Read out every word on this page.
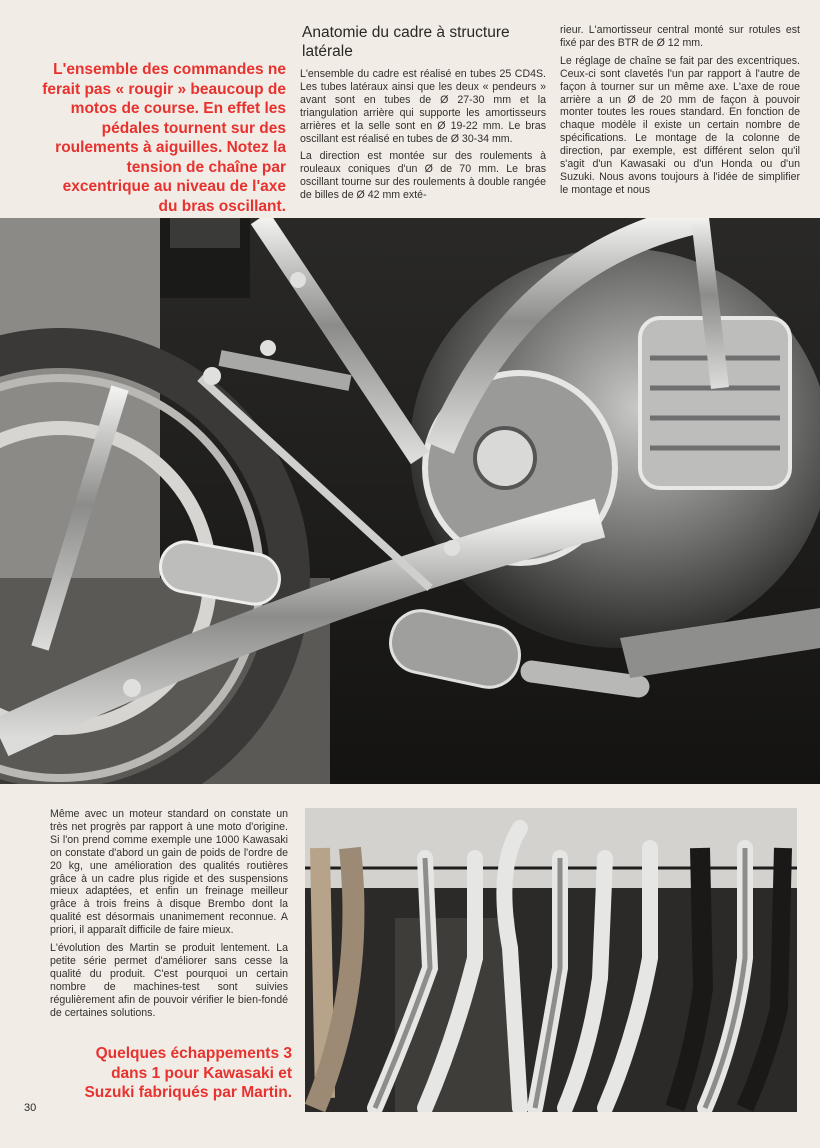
L'ensemble des commandes ne ferait pas « rougir » beaucoup de motos de course. En effet les pédales tournent sur des roulements à aiguilles. Notez la tension de chaîne par excentrique au niveau de l'axe du bras oscillant.
Anatomie du cadre à structure latérale

L'ensemble du cadre est réalisé en tubes 25 CD4S. Les tubes latéraux ainsi que les deux « pendeurs » avant sont en tubes de Ø 27-30 mm et la triangulation arrière qui supporte les amortisseurs arrières et la selle sont en Ø 19-22 mm. Le bras oscillant est réalisé en tubes de Ø 30-34 mm.

La direction est montée sur des roulements à rouleaux coniques d'un Ø de 70 mm. Le bras oscillant tourne sur des roulements à double rangée de billes de Ø 42 mm exté-

rieur. L'amortisseur central monté sur rotules est fixé par des BTR de Ø 12 mm.

Le réglage de chaîne se fait par des excentriques. Ceux-ci sont clavetés l'un par rapport à l'autre de façon à tourner sur un même axe. L'axe de roue arrière a un Ø de 20 mm de façon à pouvoir monter toutes les roues standard. En fonction de chaque modèle il existe un certain nombre de spécifications. Le montage de la colonne de direction, par exemple, est différent selon qu'il s'agit d'un Kawasaki ou d'un Honda ou d'un Suzuki. Nous avons toujours à l'idée de simplifier le montage et nous

Même avec un moteur standard on constate un très net progrès par rapport à une moto d'origine. Si l'on prend comme exemple une 1000 Kawasaki on constate d'abord un gain de poids de l'ordre de 20 kg, une amélioration des qualités routières grâce à un cadre plus rigide et des suspensions mieux adaptées, et enfin un freinage meilleur grâce à trois freins à disque Brembo dont la qualité est désormais unanimement reconnue. A priori, il apparaît difficile de faire mieux.

L'évolution des Martin se produit lentement. La petite série permet d'améliorer sans cesse la qualité du produit. C'est pourquoi un certain nombre de machines-test sont suivies régulièrement afin de pouvoir vérifier le bien-fondé de certaines solutions.

Quelques échappements 3 dans 1 pour Kawasaki et Suzuki fabriqués par Martin.
30
